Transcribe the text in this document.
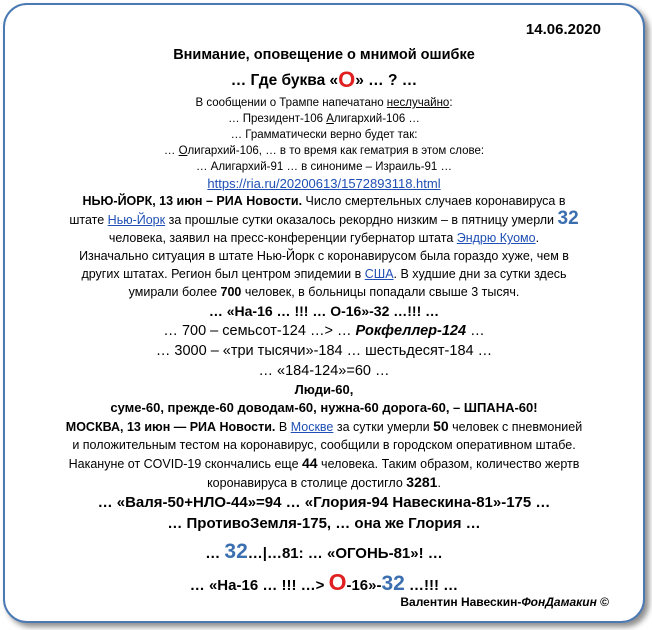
14.06.2020
Внимание, оповещение о мнимой ошибке
… Где буква «О» … ? …
В сообщении о Трампе напечатано неслучайно:
… Президент-106 Алигархий-106 …
… Грамматически верно будет так:
… Олигархий-106, … в то время как гематрия в этом слове:
… Алигархий-91 … в синониме – Израиль-91 …
https://ria.ru/20200613/1572893118.html
НЬЮ-ЙОРК, 13 июн – РИА Новости. Число смертельных случаев коронавируса в
штате Нью-Йорк за прошлые сутки оказалось рекордно низким – в пятницу умерли 32
человека, заявил на пресс-конференции губернатор штата Эндрю Куомо.
Изначально ситуация в штате Нью-Йорк с коронавирусом была гораздо хуже, чем в
других штатах. Регион был центром эпидемии в США. В худшие дни за сутки здесь
умирали более 700 человек, в больницы попадали свыше 3 тысяч.
… «На-16 … !!! … О-16»-32 …!!! …
… 700 – семьсот-124 …> … Рокфеллер-124 …
… 3000 – «три тысячи»-184 … шестьдесят-184 …
… «184-124»=60 …
Люди-60,
суме-60, прежде-60 доводам-60, нужна-60 дорога-60, – ШПАНА-60!
МОСКВА, 13 июн — РИА Новости. В Москве за сутки умерли 50 человек с пневмонией
и положительным тестом на коронавирус, сообщили в городском оперативном штабе.
Накануне от COVID-19 скончались еще 44 человека. Таким образом, количество жертв
коронавируса в столице достигло 3281.
… «Валя-50+НЛО-44»=94 … «Глория-94 Навескина-81»-175 …
… ПротивоЗемля-175, … она же Глория …
… 32…|…81: … «ОГОНЬ-81»! …
… «На-16 … !!! …> О-16»-32 …!!! …
Валентин Навескин-ФонДамакин ©
